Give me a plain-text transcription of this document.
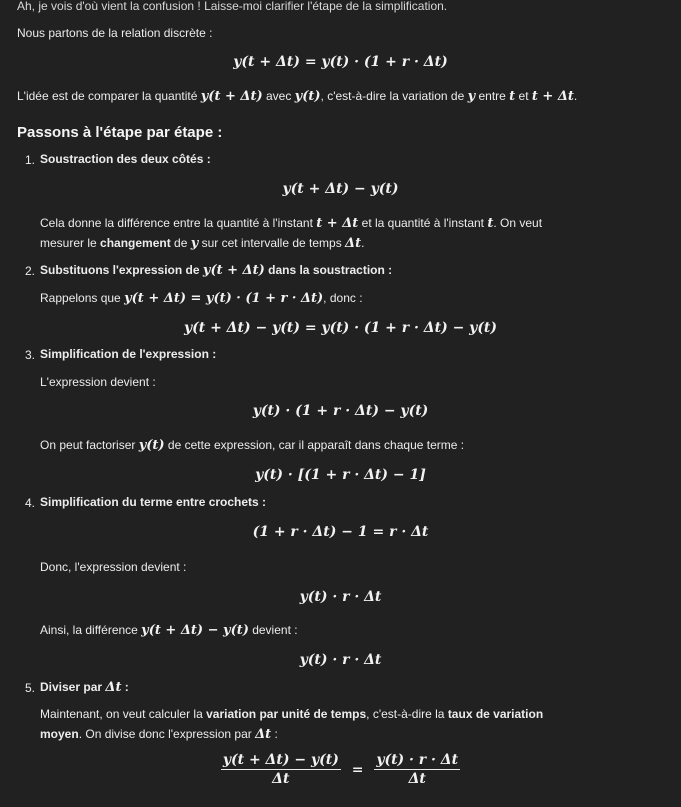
Ah, je vois d'où vient la confusion ! Laisse-moi clarifier l'étape de la simplification.

Nous partons de la relation discrète :

y(t + Δt) = y(t) · (1 + r · Δt)

L'idée est de comparer la quantité y(t + Δt) avec y(t), c'est-à-dire la variation de y entre t et t + Δt.

Passons à l'étape par étape :
1. Soustraction des deux côtés :
y(t + Δt) − y(t)

Cela donne la différence entre la quantité à l'instant t + Δt et la quantité à l'instant t. On veut

mesurer le changement de y sur cet intervalle de temps Δt.

2. Substituons l'expression de y(t + Δt) dans la soustraction :

Rappelons que y(t + Δt) = y(t) · (1 + r · Δt), donc :

y(t + Δt) − y(t) = y(t) · (1 + r · Δt) − y(t)
3. Simplification de l'expression :

L'expression devient :

y(t) · (1 + r · Δt) − y(t)

On peut factoriser y(t) de cette expression, car il apparaît dans chaque terme :

y(t) · [(1 + r · Δt) − 1]
4. Simplification du terme entre crochets :
(1 + r · Δt) − 1 = r · Δt

Donc, l'expression devient :

y(t) · r · Δt

Ainsi, la différence y(t + Δt) − y(t) devient :

y(t) · r · Δt
5. Diviser par Δt :

Maintenant, on veut calculer la variation par unité de temps, c'est-à-dire la taux de variation

moyen. On divise donc l'expression par Δt :

$\frac{y(t + \Delta t) - y(t)}{\Delta t} = \frac{y(t) \cdot r \cdot \Delta t}{\Delta t}$
